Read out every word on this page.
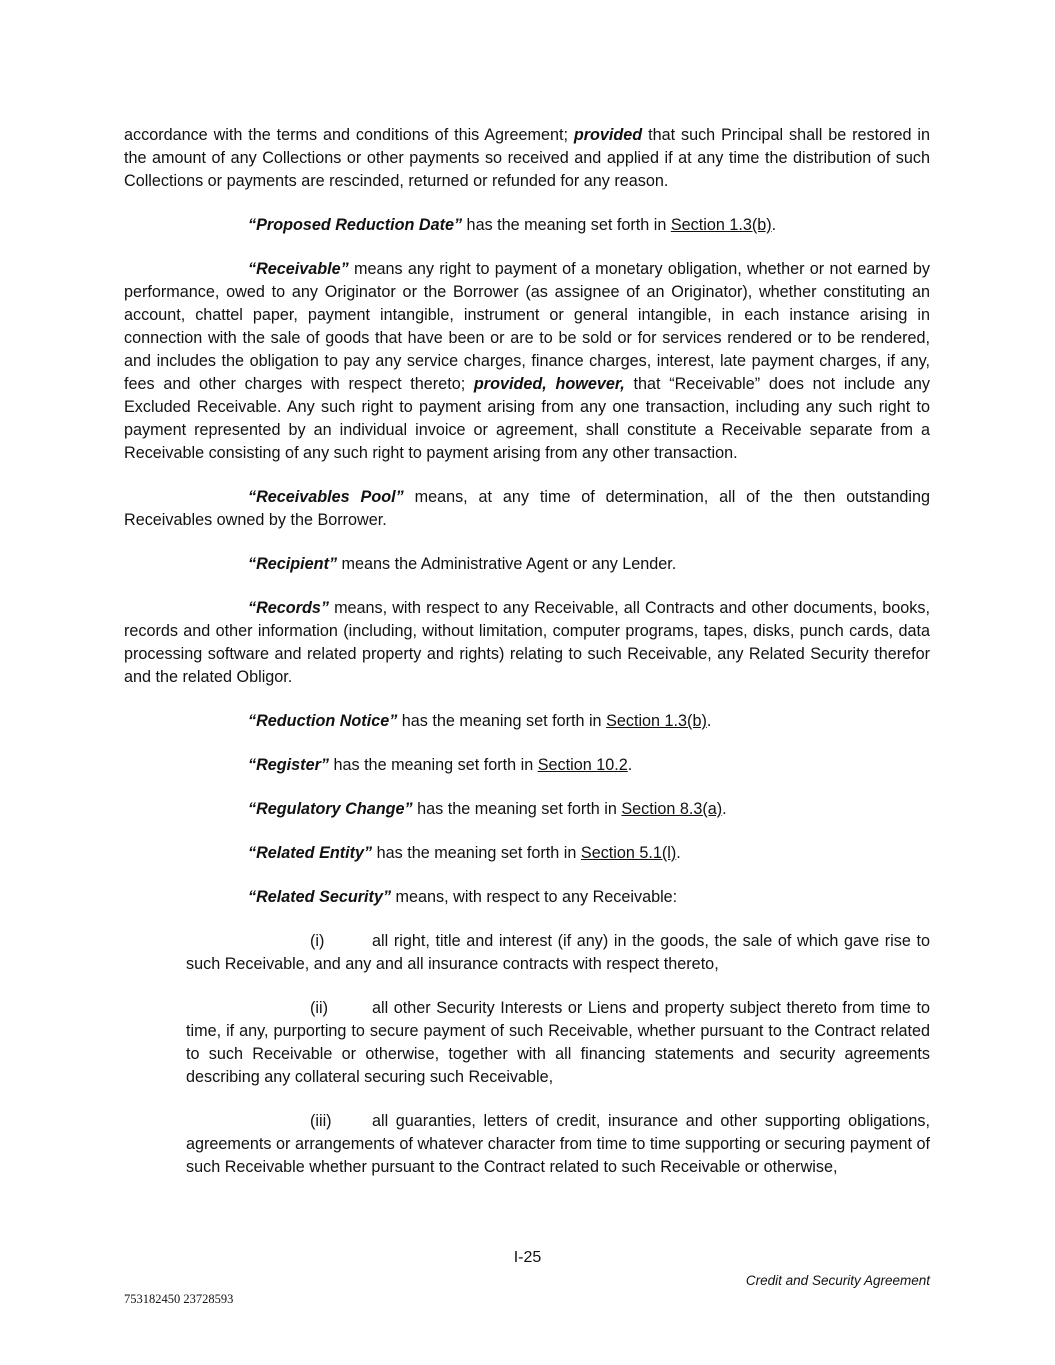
accordance with the terms and conditions of this Agreement; provided that such Principal shall be restored in the amount of any Collections or other payments so received and applied if at any time the distribution of such Collections or payments are rescinded, returned or refunded for any reason.

“Proposed Reduction Date” has the meaning set forth in Section 1.3(b).

“Receivable” means any right to payment of a monetary obligation, whether or not earned by performance, owed to any Originator or the Borrower (as assignee of an Originator), whether constituting an account, chattel paper, payment intangible, instrument or general intangible, in each instance arising in connection with the sale of goods that have been or are to be sold or for services rendered or to be rendered, and includes the obligation to pay any service charges, finance charges, interest, late payment charges, if any, fees and other charges with respect thereto; provided, however, that “Receivable” does not include any Excluded Receivable. Any such right to payment arising from any one transaction, including any such right to payment represented by an individual invoice or agreement, shall constitute a Receivable separate from a Receivable consisting of any such right to payment arising from any other transaction.

“Receivables Pool” means, at any time of determination, all of the then outstanding Receivables owned by the Borrower.

“Recipient” means the Administrative Agent or any Lender.

“Records” means, with respect to any Receivable, all Contracts and other documents, books, records and other information (including, without limitation, computer programs, tapes, disks, punch cards, data processing software and related property and rights) relating to such Receivable, any Related Security therefor and the related Obligor.

“Reduction Notice” has the meaning set forth in Section 1.3(b).

“Register” has the meaning set forth in Section 10.2.

“Regulatory Change” has the meaning set forth in Section 8.3(a).

“Related Entity” has the meaning set forth in Section 5.1(l).

“Related Security” means, with respect to any Receivable:

(i)	all right, title and interest (if any) in the goods, the sale of which gave rise to such Receivable, and any and all insurance contracts with respect thereto,

(ii)	all other Security Interests or Liens and property subject thereto from time to time, if any, purporting to secure payment of such Receivable, whether pursuant to the Contract related to such Receivable or otherwise, together with all financing statements and security agreements describing any collateral securing such Receivable,

(iii) all guaranties, letters of credit, insurance and other supporting obligations, agreements or arrangements of whatever character from time to time supporting or securing payment of such Receivable whether pursuant to the Contract related to such Receivable or otherwise,

I-25
Credit and Security Agreement
753182450 23728593
